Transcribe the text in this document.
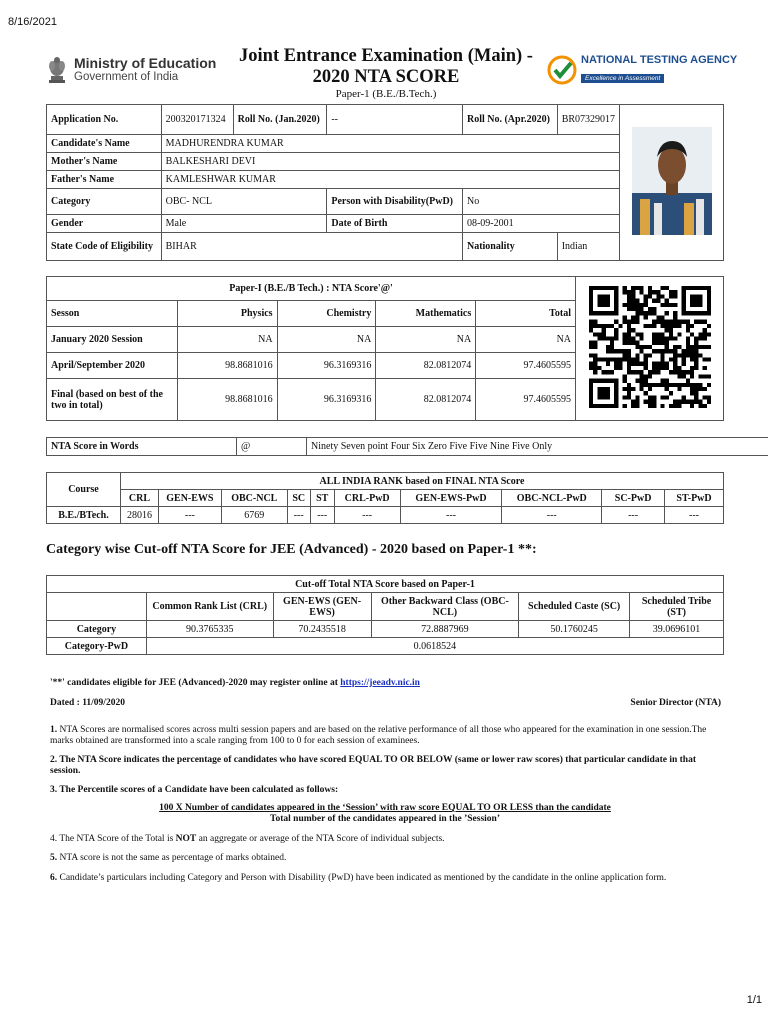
8/16/2021
1/1
Ministry of Education
Government of India
Joint Entrance Examination (Main) -
2020 NTA SCORE
Paper-1 (B.E./B.Tech.)
NATIONAL TESTING AGENCY
Excellence in Assessment
Application No.	200320171324	Roll No. (Jan.2020)	--	Roll No. (Apr.2020)	BR07329017	
Candidate's Name	MADHURENDRA KUMAR					
Mother's Name	BALKESHARI DEVI					
Father's Name	KAMLESHWAR KUMAR					
Category	OBC- NCL		Person with Disability(PwD)	No		
Gender	Male		Date of Birth	08-09-2001		
State Code of Eligibility	BIHAR			Nationality	Indian	
Paper-I (B.E./B Tech.) : NTA Score'@'	
Sesson	Physics	Chemistry	Mathematics	Total	
January 2020 Session	NA	NA	NA	NA	
April/September 2020	98.8681016	96.3169316	82.0812074	97.4605595	
Final (based on best of the two in total)	98.8681016	96.3169316	82.0812074	97.4605595	
NTA Score in Words	@	Ninety Seven point Four Six Zero Five Five Nine Five Only
Course	ALL INDIA RANK based on FINAL NTA Score									
	CRL	GEN-EWS	OBC-NCL	SC	ST	CRL-PwD	GEN-EWS-PwD	OBC-NCL-PwD	SC-PwD	ST-PwD
B.E./BTech.	28016	---	6769	---	---	---	---	---	---	---
Category wise Cut-off NTA Score for JEE (Advanced) - 2020 based on Paper-1 **:
Cut-off Total NTA Score based on Paper-1					
	Common Rank List (CRL)	GEN-EWS (GEN-EWS)	Other Backward Class (OBC-NCL)	Scheduled Caste (SC)	Scheduled Tribe (ST)
Category	90.3765335	70.2435518	72.8887969	50.1760245	39.0696101
Category-PwD	0.0618524				
'**' candidates eligible for JEE (Advanced)-2020 may register online at https://jeeadv.nic.in
Dated : 11/09/2020	Senior Director (NTA)
1. NTA Scores are normalised scores across multi session papers and are based on the relative performance of all those who appeared for the examination in one session.The marks obtained are transformed into a scale ranging from 100 to 0 for each session of examinees.
2. The NTA Score indicates the percentage of candidates who have scored EQUAL TO OR BELOW (same or lower raw scores) that particular candidate in that session.
3. The Percentile scores of a Candidate have been calculated as follows:
100 X Number of candidates appeared in the ‘Session’ with raw score EQUAL TO OR LESS than the candidate
Total number of the candidates appeared in the ’Session’
4. The NTA Score of the Total is NOT an aggregate or average of the NTA Score of individual subjects.
5. NTA score is not the same as percentage of marks obtained.
6. Candidate’s particulars including Category and Person with Disability (PwD) have been indicated as mentioned by the candidate in the online application form.
